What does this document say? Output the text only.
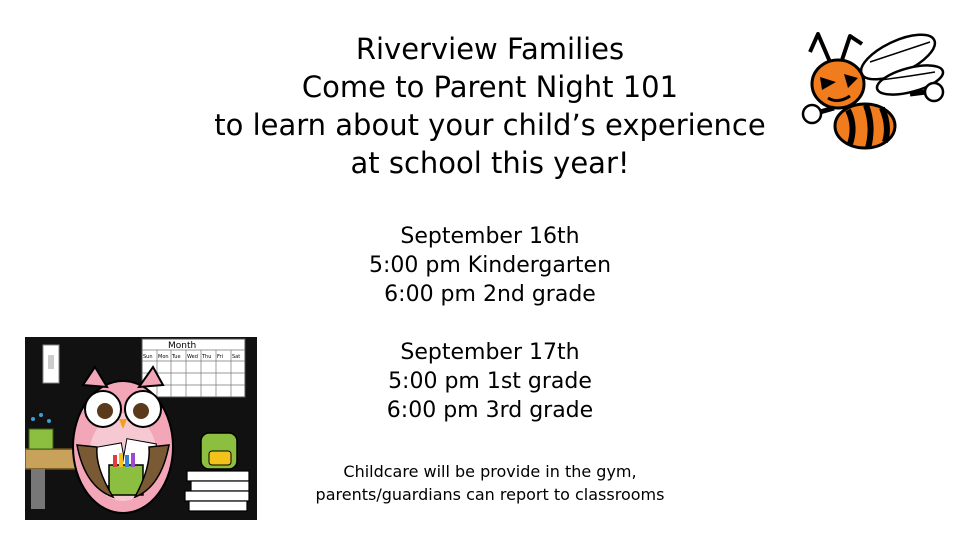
Riverview Families
Come to Parent Night 101
to learn about your child’s experience
at school this year!
September 16th
5:00 pm Kindergarten
6:00 pm 2nd grade
September 17th
5:00 pm 1st grade
6:00 pm 3rd grade
Childcare will be provide in the gym,
parents/guardians can report to classrooms
Month
Sun Mon Tue Wed Thu Fri Sat
